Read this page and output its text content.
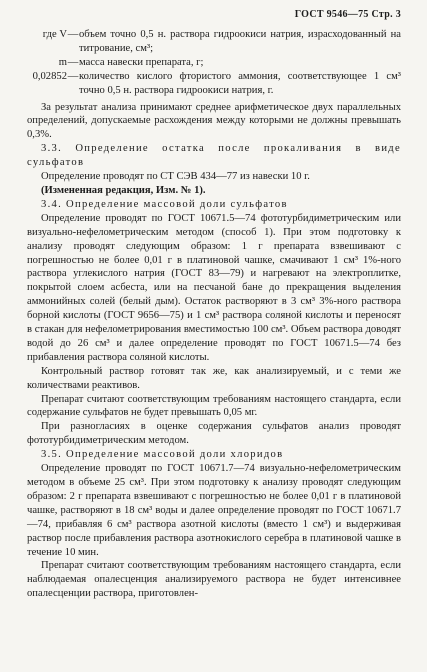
ГОСТ 9546—75 Стр. 3
где V	—	объем точно 0,5 н. раствора гидроокиси натрия, израсходованный на титрование, см³;
m	—	масса навески препарата, г;
0,02852	—	количество кислого фтористого аммония, соответствующее 1 см³ точно 0,5 н. раствора гидроокиси натрия, г.

За результат анализа принимают среднее арифметическое двух параллельных определений, допускаемые расхождения между которыми не должны превышать 0,3%.

3.3. Определение остатка после прокаливания в виде сульфатов

Определение проводят по СТ СЭВ 434—77 из навески 10 г.

(Измененная редакция, Изм. № 1).

3.4. Определение массовой доли сульфатов

Определение проводят по ГОСТ 10671.5—74 фототурбидиметрическим или визуально-нефелометрическим методом (способ 1). При этом подготовку к анализу проводят следующим образом: 1 г препарата взвешивают с погрешностью не более 0,01 г в платиновой чашке, смачивают 1 см³ 1%-ного раствора углекислого натрия (ГОСТ 83—79) и нагревают на электроплитке, покрытой слоем асбеста, или на песчаной бане до прекращения выделения аммонийных солей (белый дым). Остаток растворяют в 3 см³ 3%-ного раствора борной кислоты (ГОСТ 9656—75) и 1 см³ раствора соляной кислоты и переносят в стакан для нефелометрирования вместимостью 100 см³. Объем раствора доводят водой до 26 см³ и далее определение проводят по ГОСТ 10671.5—74 без прибавления раствора соляной кислоты.

Контрольный раствор готовят так же, как анализируемый, и с теми же количествами реактивов.

Препарат считают соответствующим требованиям настоящего стандарта, если содержание сульфатов не будет превышать 0,05 мг.

При разногласиях в оценке содержания сульфатов анализ проводят фототурбидиметрическим методом.

3.5. Определение массовой доли хлоридов

Определение проводят по ГОСТ 10671.7—74 визуально-нефелометрическим методом в объеме 25 см³. При этом подготовку к анализу проводят следующим образом: 2 г препарата взвешивают с погрешностью не более 0,01 г в платиновой чашке, растворяют в 18 см³ воды и далее определение проводят по ГОСТ 10671.7—74, прибавляя 6 см³ раствора азотной кислоты (вместо 1 см³) и выдерживая раствор после прибавления раствора азотнокислого серебра в платиновой чашке в течение 10 мин.

Препарат считают соответствующим требованиям настоящего стандарта, если наблюдаемая опалесценция анализируемого раствора не будет интенсивнее опалесценции раствора, приготовлен-
